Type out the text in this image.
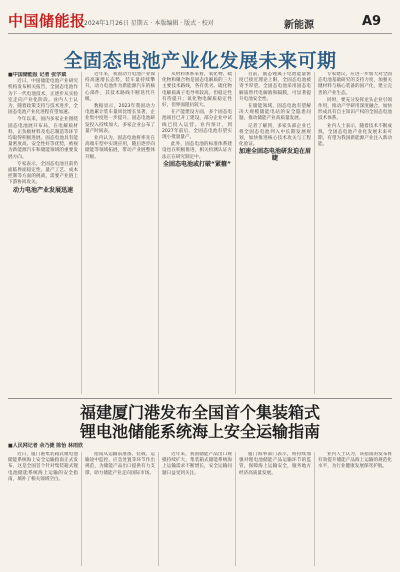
中国储能报
2024年1月26日 星期五 · 本版编辑 · 版式 · 校对	新能源	A9
全固态电池产业化发展未来可期

■中国储能报 记者 张学斌

近日，中国储能电池产业研究机构发布相关报告，全固态电池作为下一代电池技术，正逐步从实验室走向产业化阶段。业内人士认为，随着政策支持与技术进步，全固态电池产业化进程有望加速。

今年以来，国内多家企业围绕固态电池展开布局，在电解质材料、正负极材料及电芯制造等环节均取得积极进展。固态电池具有能量密度高、安全性好等优势，被视为新能源汽车和储能领域的重要发展方向。

专家表示，全固态电池目前仍面临界面稳定性、量产工艺、成本控制等方面的挑战，需要产业链上下游协同攻关。

动力电池产业发展迅速

近年来，我国动力电池产业保持高速增长态势，装车量持续攀升。动力电池作为新能源汽车的核心部件，其技术路线不断迭代升级。

数据显示，2023年我国动力电池累计装车量同比增长显著，企业集中度进一步提升。固态电池研发投入持续加大，多家企业公布了量产时间表。

业内认为，固态电池将率先在高端车型中实现应用，随后逐步向储能等领域拓展，带动产业链整体升级。

从材料体系来看，氧化物、硫化物和聚合物是固态电解质的三大主要技术路线，各有优劣。硫化物电解质离子电导率较高，但稳定性有待提升；氧化物电解质稳定性好，但界面阻抗较大。

在产能建设方面，多个固态电池项目已开工建设，部分企业中试线已投入运营。业内预计，到2027年前后，全固态电池有望实现小批量量产。

此外，固态电池的标准体系建设也在积极推进，相关检测认证方法正在研究制定中。

全固态电池或打破“紧箍”

目前，液态锂离子电池能量密度已接近理论上限，全固态电池被寄予厚望。全固态电池采用固态电解质替代电解液和隔膜，可显著提升电池安全性。

在储能领域，固态电池有望解决大规模储能电站的安全隐患问题，推动储能产业高质量发展。

记者了解到，多家头部企业已将全固态电池列入中长期发展规划，加快推进核心技术攻关与工程化验证。

加速全固态电池研发迫在眉睫

专家建议，应进一步加大对全固态电池基础研究的支持力度，加强关键材料与核心装备的国产化，建立完善的产业生态。

同时，要充分发挥龙头企业引领作用，推动产学研用深度融合，加快形成具有自主知识产权的全固态电池技术体系。

业内人士表示，随着技术不断成熟，全固态电池产业化发展未来可期，有望为我国新能源产业注入新动能。

福建厦门港发布全国首个集装箱式
锂电池储能系统海上安全运输指南
■人民网记者 余乃捷 陈怡 林雨欣

近日，厦门港集装箱式锂电池储能系统海上安全运输指南正式发布，这是全国首个针对集装箱式锂电池储能系统海上运输的安全指南，填补了相关领域空白。

指南从运输前准备、装载、运输途中监控、应急处置等环节作出规范，为储能产品出口提供有力支撑，助力储能产业走向国际市场。

近年来，我国储能产品出口规模持续扩大，集装箱式储能系统海上运输需求不断增长，安全运输问题日益受到关注。

厦门海事部门表示，将持续加强对锂电池储能产品运输环节的监管，保障海上运输安全，服务地方经济高质量发展。

业内人士认为，该指南的发布将有效提升储能产品海上运输的规范化水平，为行业健康发展保驾护航。
